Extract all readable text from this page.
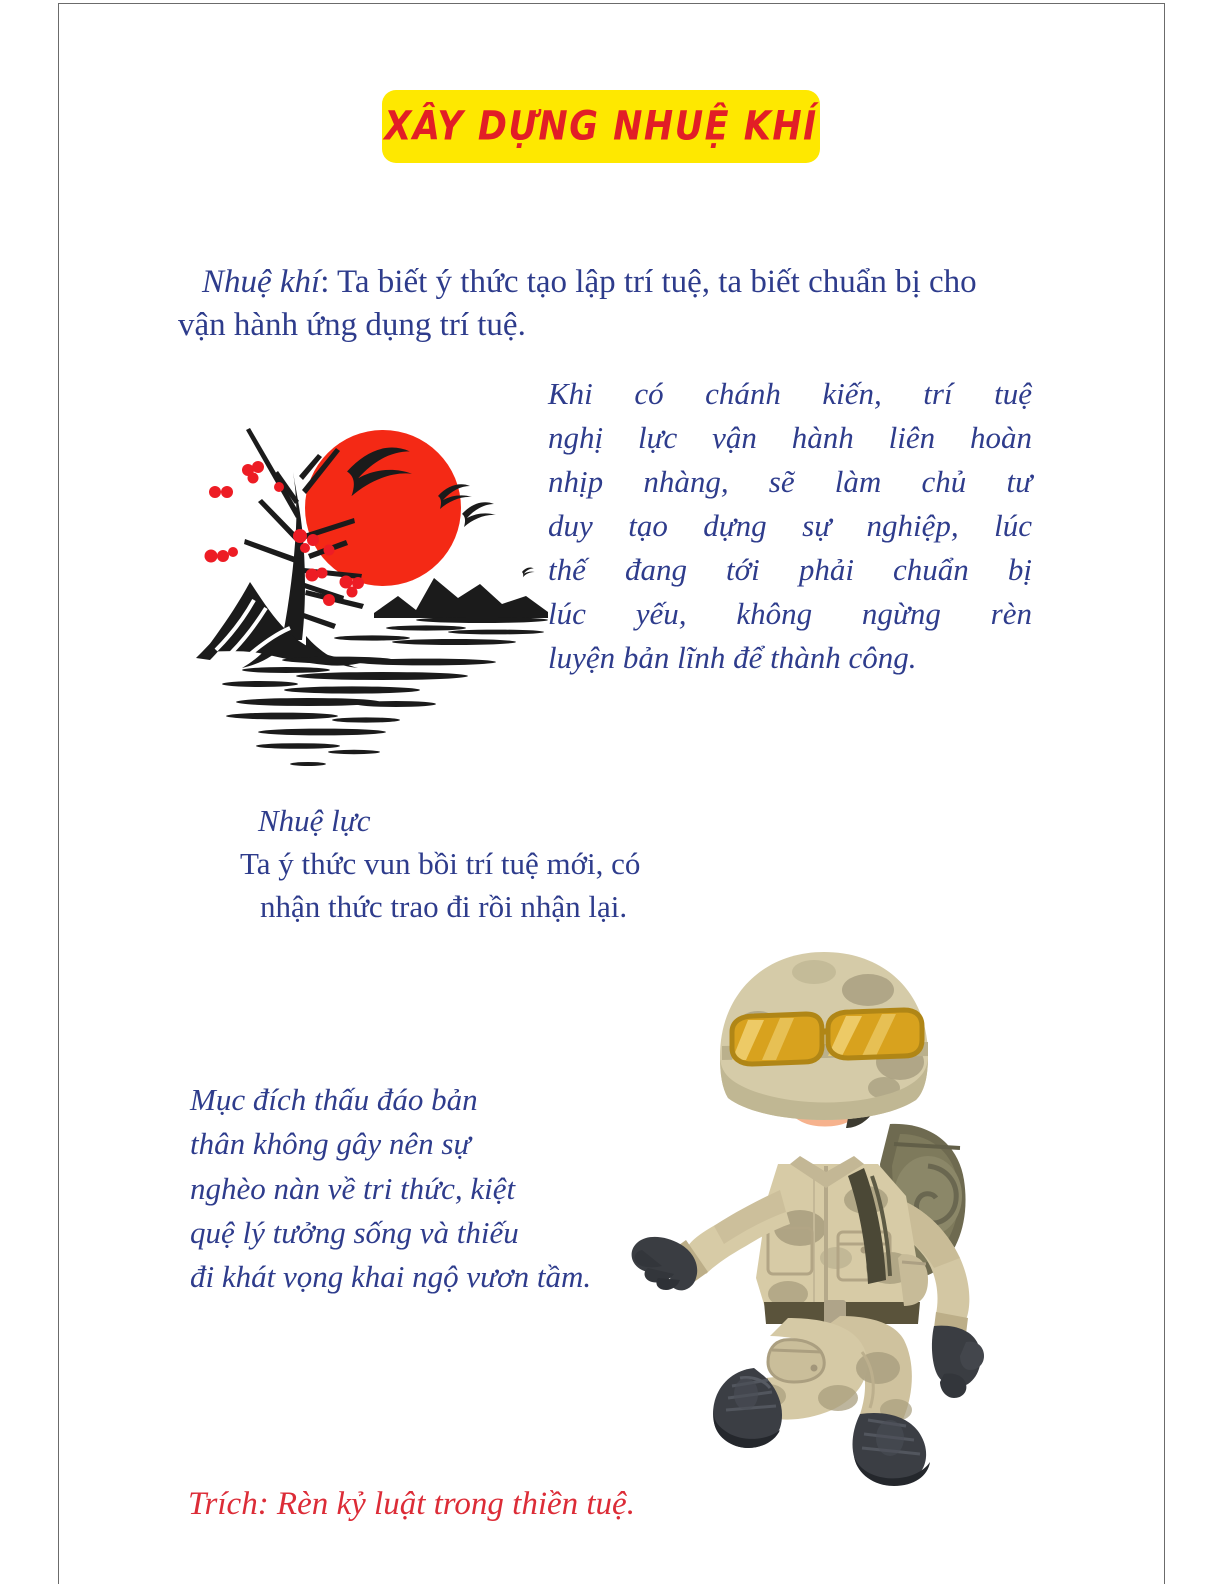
XÂY DỰNG NHUỆ KHÍ

Nhuệ khí: Ta biết ý thức tạo lập trí tuệ, ta biết chuẩn bị cho vận hành ứng dụng trí tuệ.

Khi có chánh kiến, trí tuệ
nghị lực vận hành liên hoàn
nhịp nhàng, sẽ làm chủ tư
duy tạo dựng sự nghiệp, lúc
thế đang tới phải chuẩn bị
lúc yếu, không ngừng rèn
luyện bản lĩnh để thành công.
Nhuệ lực
Ta ý thức vun bồi trí tuệ mới, có
nhận thức trao đi rồi nhận lại.
Mục đích thấu đáo bản
thân không gây nên sự
nghèo nàn về tri thức, kiệt
quệ lý tưởng sống và thiếu
đi khát vọng khai ngộ vươn tầm.
Trích: Rèn kỷ luật trong thiền tuệ.
